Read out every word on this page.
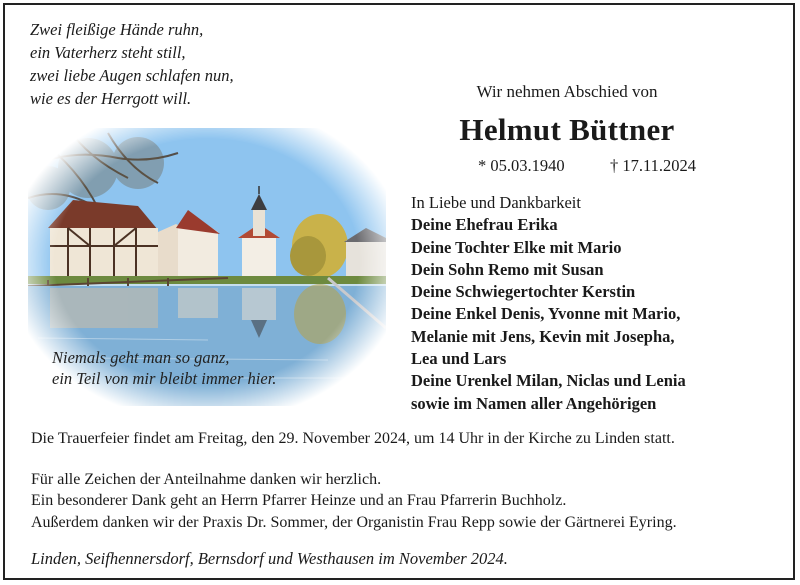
Zwei fleißige Hände ruhn,
ein Vaterherz steht still,
zwei liebe Augen schlafen nun,
wie es der Herrgott will.	Wir nehmen Abschied von
Helmut Büttner
* 05.03.1940	† 17.11.2024
In Liebe und Dankbarkeit
Deine Ehefrau Erika
Deine Tochter Elke mit Mario
Dein Sohn Remo mit Susan
Deine Schwiegertochter Kerstin
Deine Enkel Denis, Yvonne mit Mario,
Melanie mit Jens, Kevin mit Josepha,
Lea und Lars
Deine Urenkel Milan, Niclas und Lenia
sowie im Namen aller Angehörigen
Niemals geht man so ganz,
ein Teil von mir bleibt immer hier.
Die Trauerfeier findet am Freitag, den 29. November 2024, um 14 Uhr in der Kirche zu Linden statt.
Für alle Zeichen der Anteilnahme danken wir herzlich.
Ein besonderer Dank geht an Herrn Pfarrer Heinze und an Frau Pfarrerin Buchholz.
Außerdem danken wir der Praxis Dr. Sommer, der Organistin Frau Repp sowie der Gärtnerei Eyring.
Linden, Seifhennersdorf, Bernsdorf und Westhausen im November 2024.
